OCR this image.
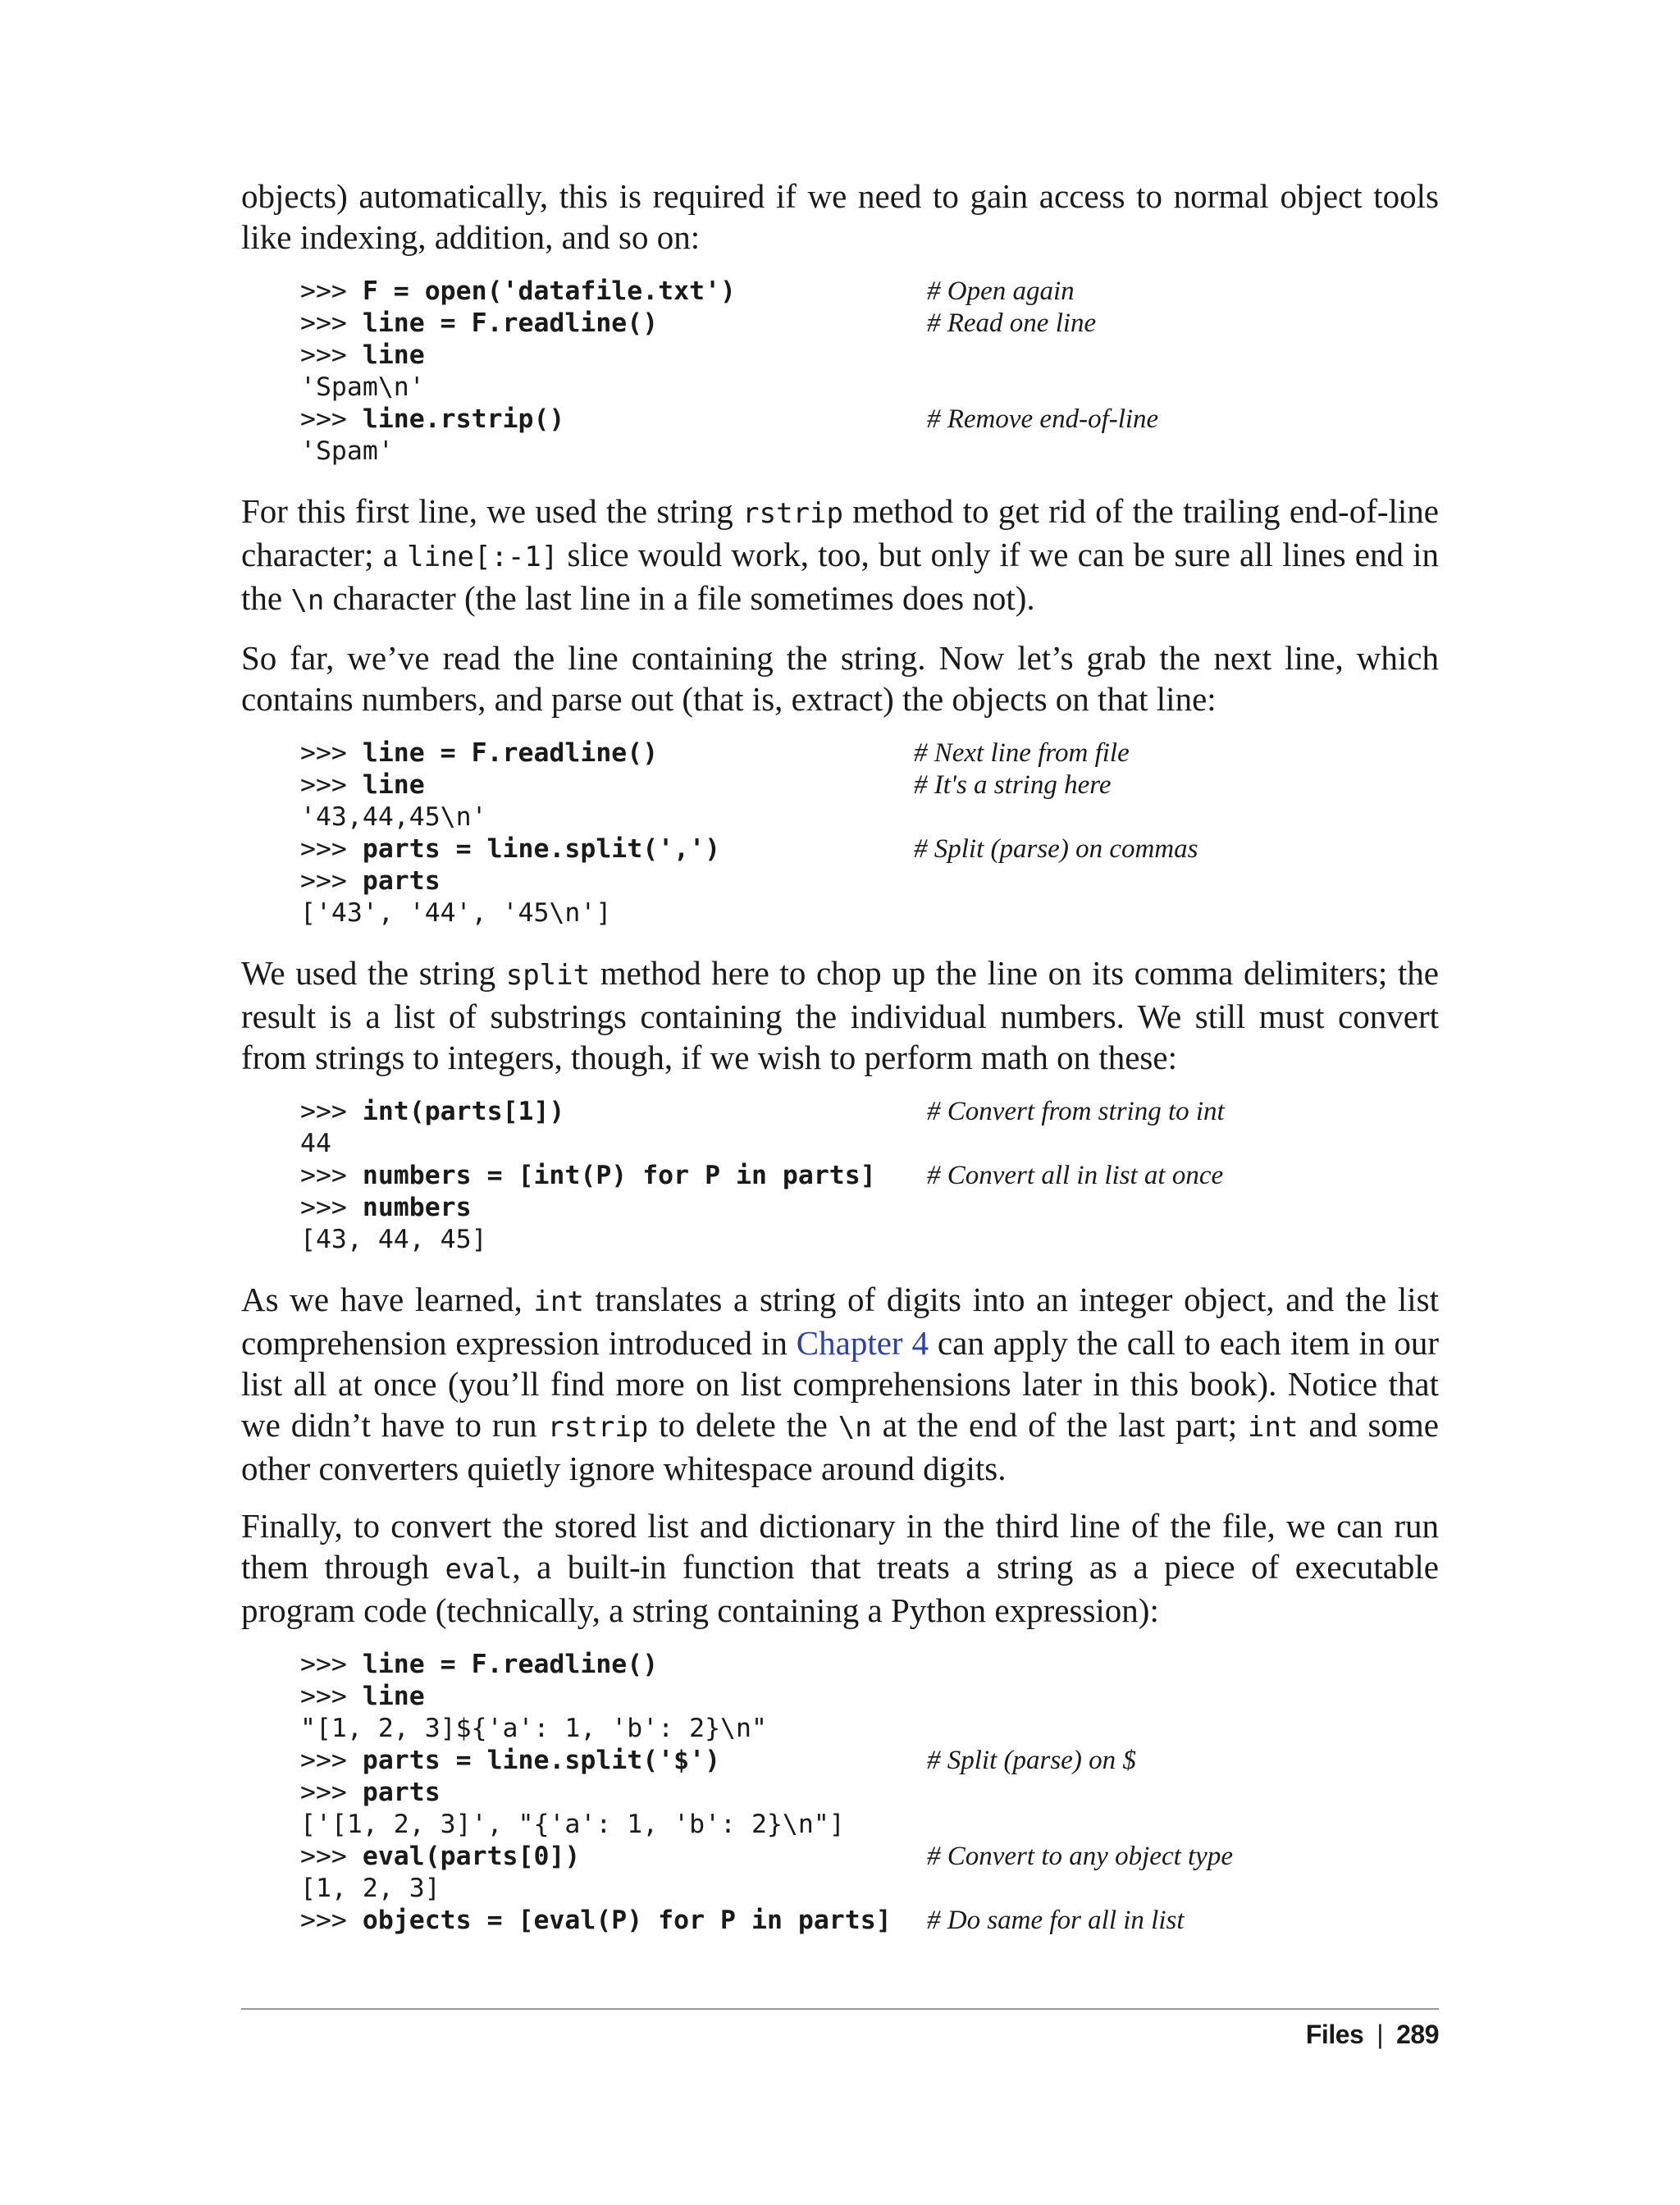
objects) automatically, this is required if we need to gain access to normal object tools like indexing, addition, and so on:

>>> F = open('datafile.txt')	# Open again
>>> line = F.readline()	# Read one line
>>> line
'Spam\n'
>>> line.rstrip()	# Remove end-of-line
'Spam'

For this first line, we used the string rstrip method to get rid of the trailing end-of-line character; a line[:-1] slice would work, too, but only if we can be sure all lines end in the \n character (the last line in a file sometimes does not).

So far, we’ve read the line containing the string. Now let’s grab the next line, which contains numbers, and parse out (that is, extract) the objects on that line:

>>> line = F.readline()	# Next line from file
>>> line	# It's a string here
'43,44,45\n'
>>> parts = line.split(',')	# Split (parse) on commas
>>> parts
['43', '44', '45\n']

We used the string split method here to chop up the line on its comma delimiters; the result is a list of substrings containing the individual numbers. We still must convert from strings to integers, though, if we wish to perform math on these:

>>> int(parts[1])	# Convert from string to int
44
>>> numbers = [int(P) for P in parts] # Convert all in list at once
>>> numbers
[43, 44, 45]

As we have learned, int translates a string of digits into an integer object, and the list comprehension expression introduced in Chapter 4 can apply the call to each item in our list all at once (you’ll find more on list comprehensions later in this book). Notice that we didn’t have to run rstrip to delete the \n at the end of the last part; int and some other converters quietly ignore whitespace around digits.

Finally, to convert the stored list and dictionary in the third line of the file, we can run them through eval, a built-in function that treats a string as a piece of executable program code (technically, a string containing a Python expression):

>>> line = F.readline()
>>> line
"[1, 2, 3]${'a': 1, 'b': 2}\n"
>>> parts = line.split('$')	# Split (parse) on $
>>> parts
['[1, 2, 3]', "{'a': 1, 'b': 2}\n"]
>>> eval(parts[0])	# Convert to any object type
[1, 2, 3]
>>> objects = [eval(P) for P in parts] # Do same for all in list
Files | 289
